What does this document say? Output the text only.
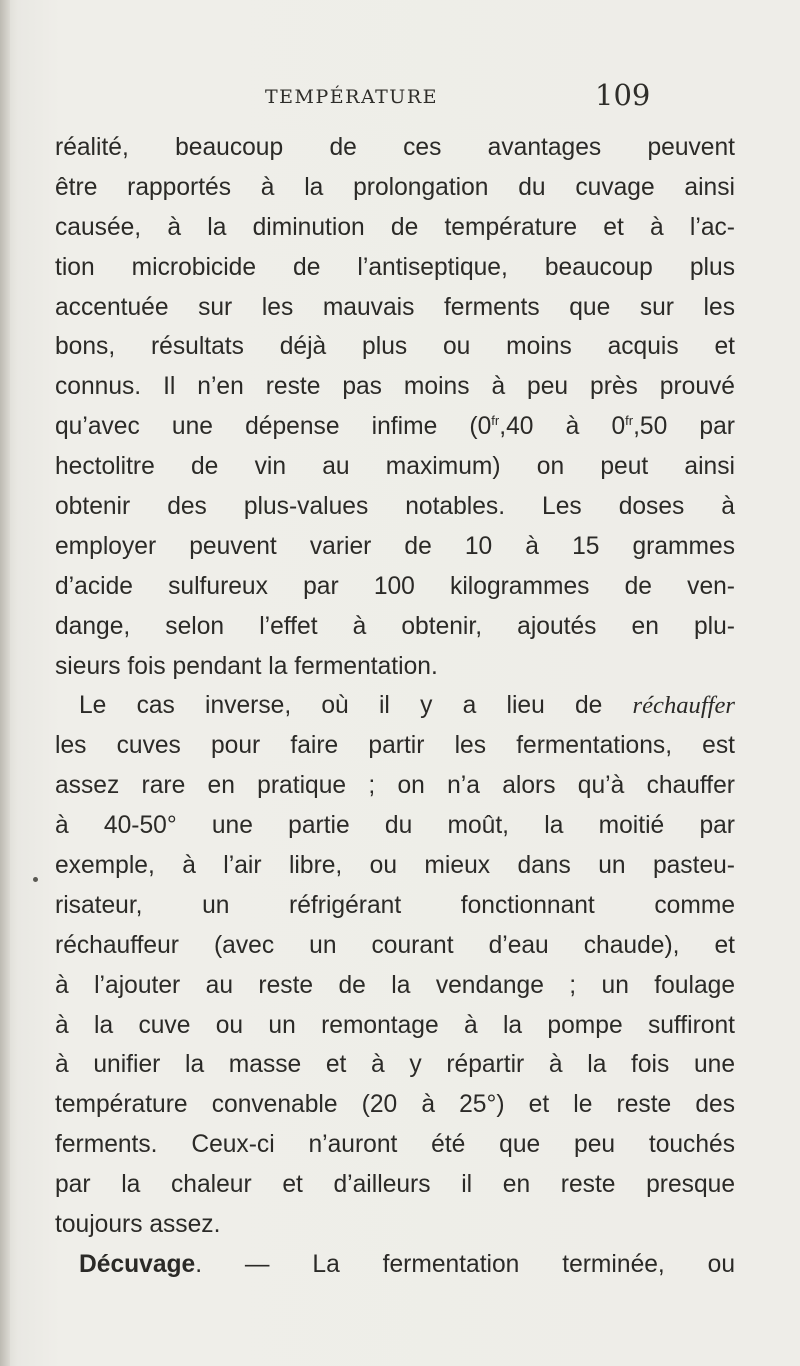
TEMPÉRATURE	109
réalité, beaucoup de ces avantages peuvent
être rapportés à la prolongation du cuvage ainsi
causée, à la diminution de température et à l’ac-
tion microbicide de l’antiseptique, beaucoup plus
accentuée sur les mauvais ferments que sur les
bons, résultats déjà plus ou moins acquis et
connus. Il n’en reste pas moins à peu près prouvé
qu’avec une dépense infime ($0^{fr},40$ à $0^{fr},50$ par
hectolitre de vin au maximum) on peut ainsi
obtenir des plus-values notables. Les doses à
employer peuvent varier de 10 à 15 grammes
d’acide sulfureux par 100 kilogrammes de ven-
dange, selon l’effet à obtenir, ajoutés en plu-
sieurs fois pendant la fermentation.
Le cas inverse, où il y a lieu de réchauffer
les cuves pour faire partir les fermentations, est
assez rare en pratique ; on n’a alors qu’à chauffer
à 40-50° une partie du moût, la moitié par
exemple, à l’air libre, ou mieux dans un pasteu-
risateur, un réfrigérant fonctionnant comme
réchauffeur (avec un courant d’eau chaude), et
à l’ajouter au reste de la vendange ; un foulage
à la cuve ou un remontage à la pompe suffiront
à unifier la masse et à y répartir à la fois une
température convenable (20 à 25°) et le reste des
ferments. Ceux-ci n’auront été que peu touchés
par la chaleur et d’ailleurs il en reste presque
toujours assez.
Décuvage. — La fermentation terminée, ou
